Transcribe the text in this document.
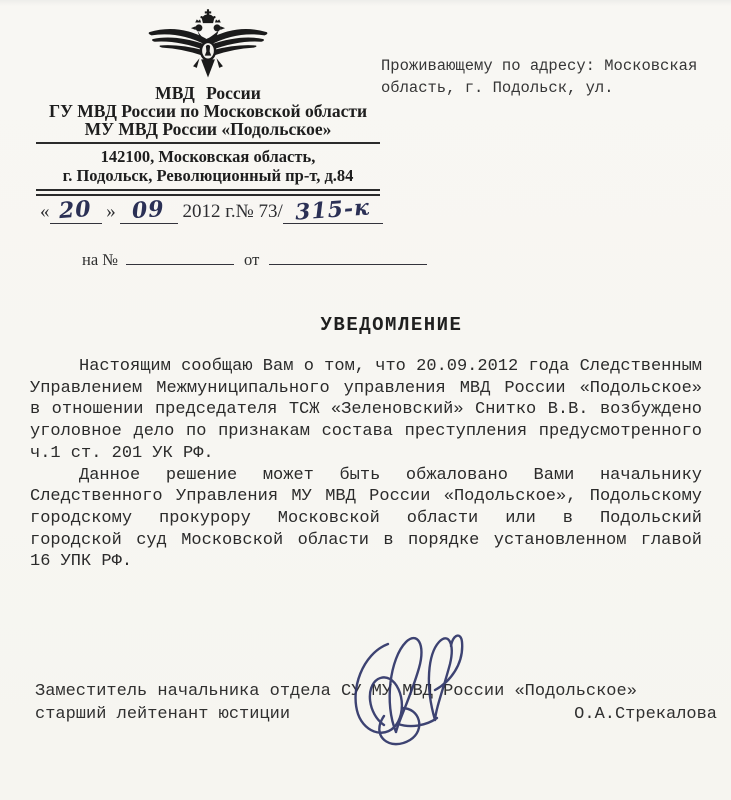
МВД России
ГУ МВД России по Московской области
МУ МВД России «Подольское»
142100, Московская область,
г. Подольск, Революционный пр-т, д.84
« 20 » 09 2012 г.№ 73/ 315-к
на №	от
Проживающему по адресу: Московская область, г. Подольск, ул.
УВЕДОМЛЕНИЕ

Настоящим сообщаю Вам о том, что 20.09.2012 года Следственным Управлением Межмуниципального управления МВД России «Подольское» в отношении председателя ТСЖ «Зеленовский» Снитко В.В. возбуждено уголовное дело по признакам состава преступления предусмотренного ч.1 ст. 201 УК РФ.

Данное решение может быть обжаловано Вами начальнику Следственного Управления МУ МВД России «Подольское», Подольскому городскому прокурору Московской области или в Подольский городской суд Московской области в порядке установленном главой 16 УПК РФ.

Заместитель начальника отдела СУ МУ МВД России «Подольское»
старший лейтенант юстиции	О.А.Стрекалова
